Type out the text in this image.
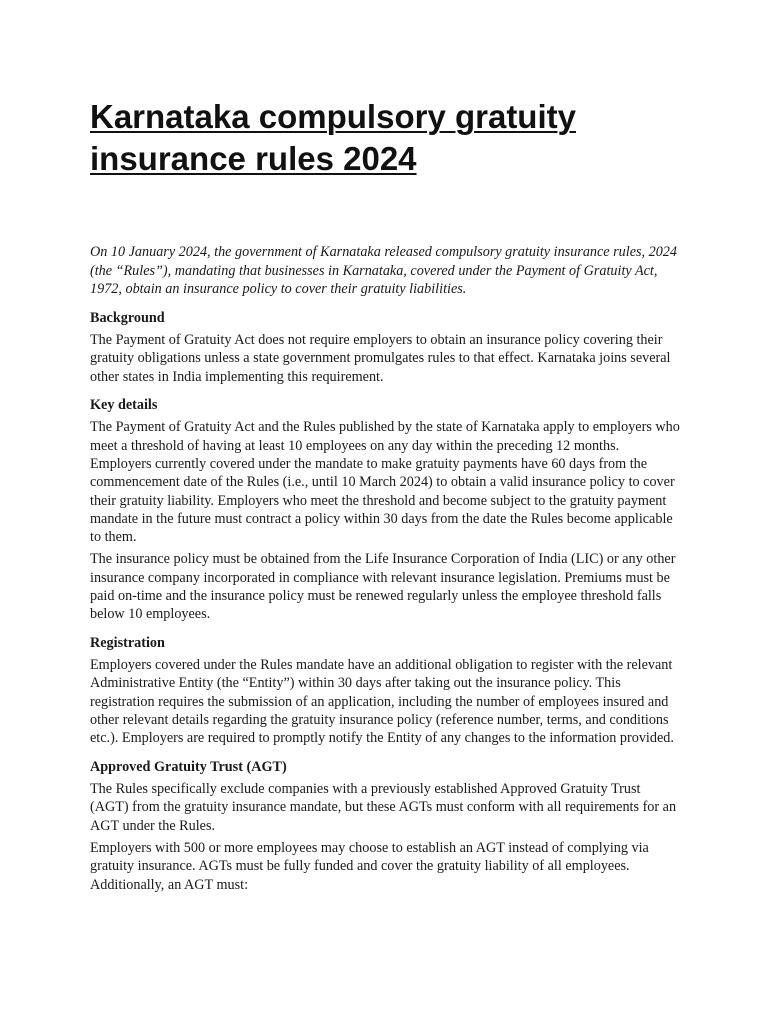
Karnataka compulsory gratuity insurance rules 2024

On 10 January 2024, the government of Karnataka released compulsory gratuity insurance rules, 2024 (the “Rules”), mandating that businesses in Karnataka, covered under the Payment of Gratuity Act, 1972, obtain an insurance policy to cover their gratuity liabilities.

Background

The Payment of Gratuity Act does not require employers to obtain an insurance policy covering their gratuity obligations unless a state government promulgates rules to that effect. Karnataka joins several other states in India implementing this requirement.

Key details

The Payment of Gratuity Act and the Rules published by the state of Karnataka apply to employers who meet a threshold of having at least 10 employees on any day within the preceding 12 months. Employers currently covered under the mandate to make gratuity payments have 60 days from the commencement date of the Rules (i.e., until 10 March 2024) to obtain a valid insurance policy to cover their gratuity liability. Employers who meet the threshold and become subject to the gratuity payment mandate in the future must contract a policy within 30 days from the date the Rules become applicable to them.

The insurance policy must be obtained from the Life Insurance Corporation of India (LIC) or any other insurance company incorporated in compliance with relevant insurance legislation. Premiums must be paid on-time and the insurance policy must be renewed regularly unless the employee threshold falls below 10 employees.

Registration

Employers covered under the Rules mandate have an additional obligation to register with the relevant Administrative Entity (the “Entity”) within 30 days after taking out the insurance policy. This registration requires the submission of an application, including the number of employees insured and other relevant details regarding the gratuity insurance policy (reference number, terms, and conditions etc.). Employers are required to promptly notify the Entity of any changes to the information provided.

Approved Gratuity Trust (AGT)

The Rules specifically exclude companies with a previously established Approved Gratuity Trust (AGT) from the gratuity insurance mandate, but these AGTs must conform with all requirements for an AGT under the Rules.

Employers with 500 or more employees may choose to establish an AGT instead of complying via gratuity insurance. AGTs must be fully funded and cover the gratuity liability of all employees. Additionally, an AGT must:
